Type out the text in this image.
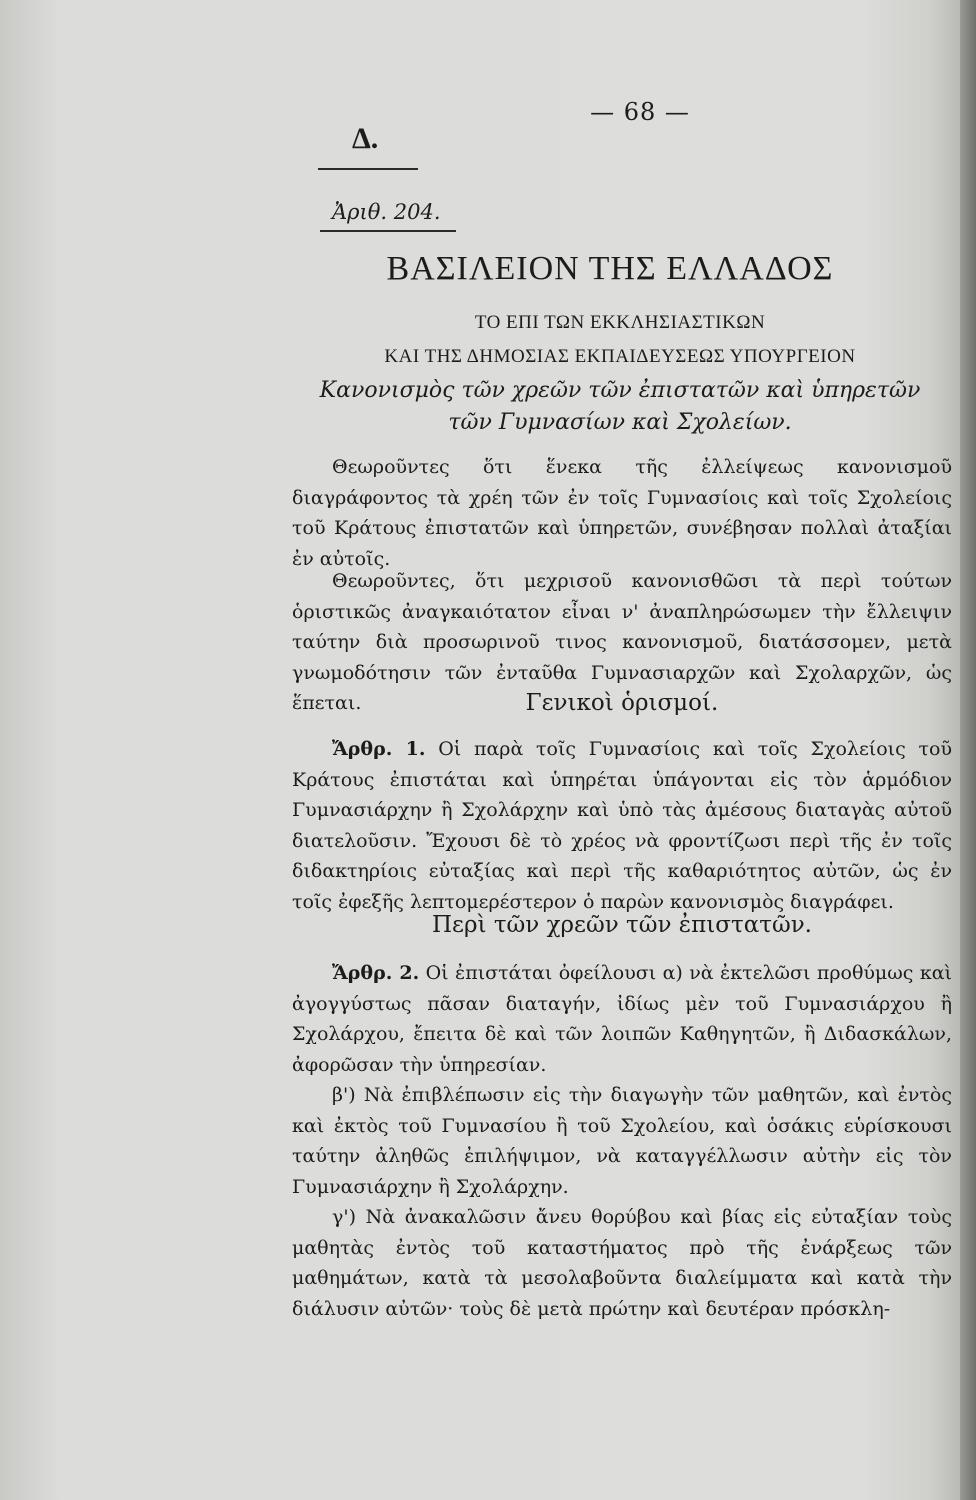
— 68 —
Δ.
Ἀριθ. 204.
ΒΑΣΙΛΕΙΟΝ ΤΗΣ ΕΛΛΑΔΟΣ
ΤΟ ΕΠΙ ΤΩΝ ΕΚΚΛΗΣΙΑΣΤΙΚΩΝ
ΚΑΙ ΤΗΣ ΔΗΜΟΣΙΑΣ ΕΚΠΑΙΔΕΥΣΕΩΣ ΥΠΟΥΡΓΕΙΟΝ
Κανονισμὸς τῶν χρεῶν τῶν ἐπιστατῶν καὶ ὑπηρετῶν
τῶν Γυμνασίων καὶ Σχολείων.

Θεωροῦντες ὅτι ἕνεκα τῆς ἐλλείψεως κανονισμοῦ διαγράφοντος τὰ χρέη τῶν ἐν τοῖς Γυμνασίοις καὶ τοῖς Σχολείοις τοῦ Κράτους ἐπιστατῶν καὶ ὑπηρετῶν, συνέβησαν πολλαὶ ἀταξίαι ἐν αὐτοῖς.

Θεωροῦντες, ὅτι μεχρισοῦ κανονισθῶσι τὰ περὶ τούτων ὁριστικῶς ἀναγκαιότατον εἶναι ν' ἀναπληρώσωμεν τὴν ἔλλειψιν ταύτην διὰ προσωρινοῦ τινος κανονισμοῦ, διατάσσομεν, μετὰ γνωμοδότησιν τῶν ἐνταῦθα Γυμνασιαρχῶν καὶ Σχολαρχῶν, ὡς ἕπεται.	Γενικοὶ ὁρισμοί.

Ἄρθρ. 1. Οἱ παρὰ τοῖς Γυμνασίοις καὶ τοῖς Σχολείοις τοῦ Κράτους ἐπιστάται καὶ ὑπηρέται ὑπάγονται εἰς τὸν ἁρμόδιον Γυμνασιάρχην ἢ Σχολάρχην καὶ ὑπὸ τὰς ἀμέσους διαταγὰς αὐτοῦ διατελοῦσιν. Ἔχουσι δὲ τὸ χρέος νὰ φροντίζωσι περὶ τῆς ἐν τοῖς διδακτηρίοις εὐταξίας καὶ περὶ τῆς καθαριότητος αὐτῶν, ὡς ἐν τοῖς ἐφεξῆς λεπτομερέστερον ὁ παρὼν κανονισμὸς διαγράφει.

Περὶ τῶν χρεῶν τῶν ἐπιστατῶν.

Ἄρθρ. 2. Οἱ ἐπιστάται ὀφείλουσι α) νὰ ἐκτελῶσι προθύμως καὶ ἀγογγύστως πᾶσαν διαταγήν, ἰδίως μὲν τοῦ Γυμνασιάρχου ἢ Σχολάρχου, ἔπειτα δὲ καὶ τῶν λοιπῶν Καθηγητῶν, ἢ Διδασκάλων, ἀφορῶσαν τὴν ὑπηρεσίαν.

β') Νὰ ἐπιβλέπωσιν εἰς τὴν διαγωγὴν τῶν μαθητῶν, καὶ ἐντὸς καὶ ἐκτὸς τοῦ Γυμνασίου ἢ τοῦ Σχολείου, καὶ ὁσάκις εὑρίσκουσι ταύτην ἀληθῶς ἐπιλήψιμον, νὰ καταγγέλλωσιν αὐτὴν εἰς τὸν Γυμνασιάρχην ἢ Σχολάρχην.

γ') Νὰ ἀνακαλῶσιν ἄνευ θορύβου καὶ βίας εἰς εὐταξίαν τοὺς μαθητὰς ἐντὸς τοῦ καταστήματος πρὸ τῆς ἐνάρξεως τῶν μαθημάτων, κατὰ τὰ μεσολαβοῦντα διαλείμματα καὶ κατὰ τὴν διάλυσιν αὐτῶν· τοὺς δὲ μετὰ πρώτην καὶ δευτέραν πρόσκλη-
